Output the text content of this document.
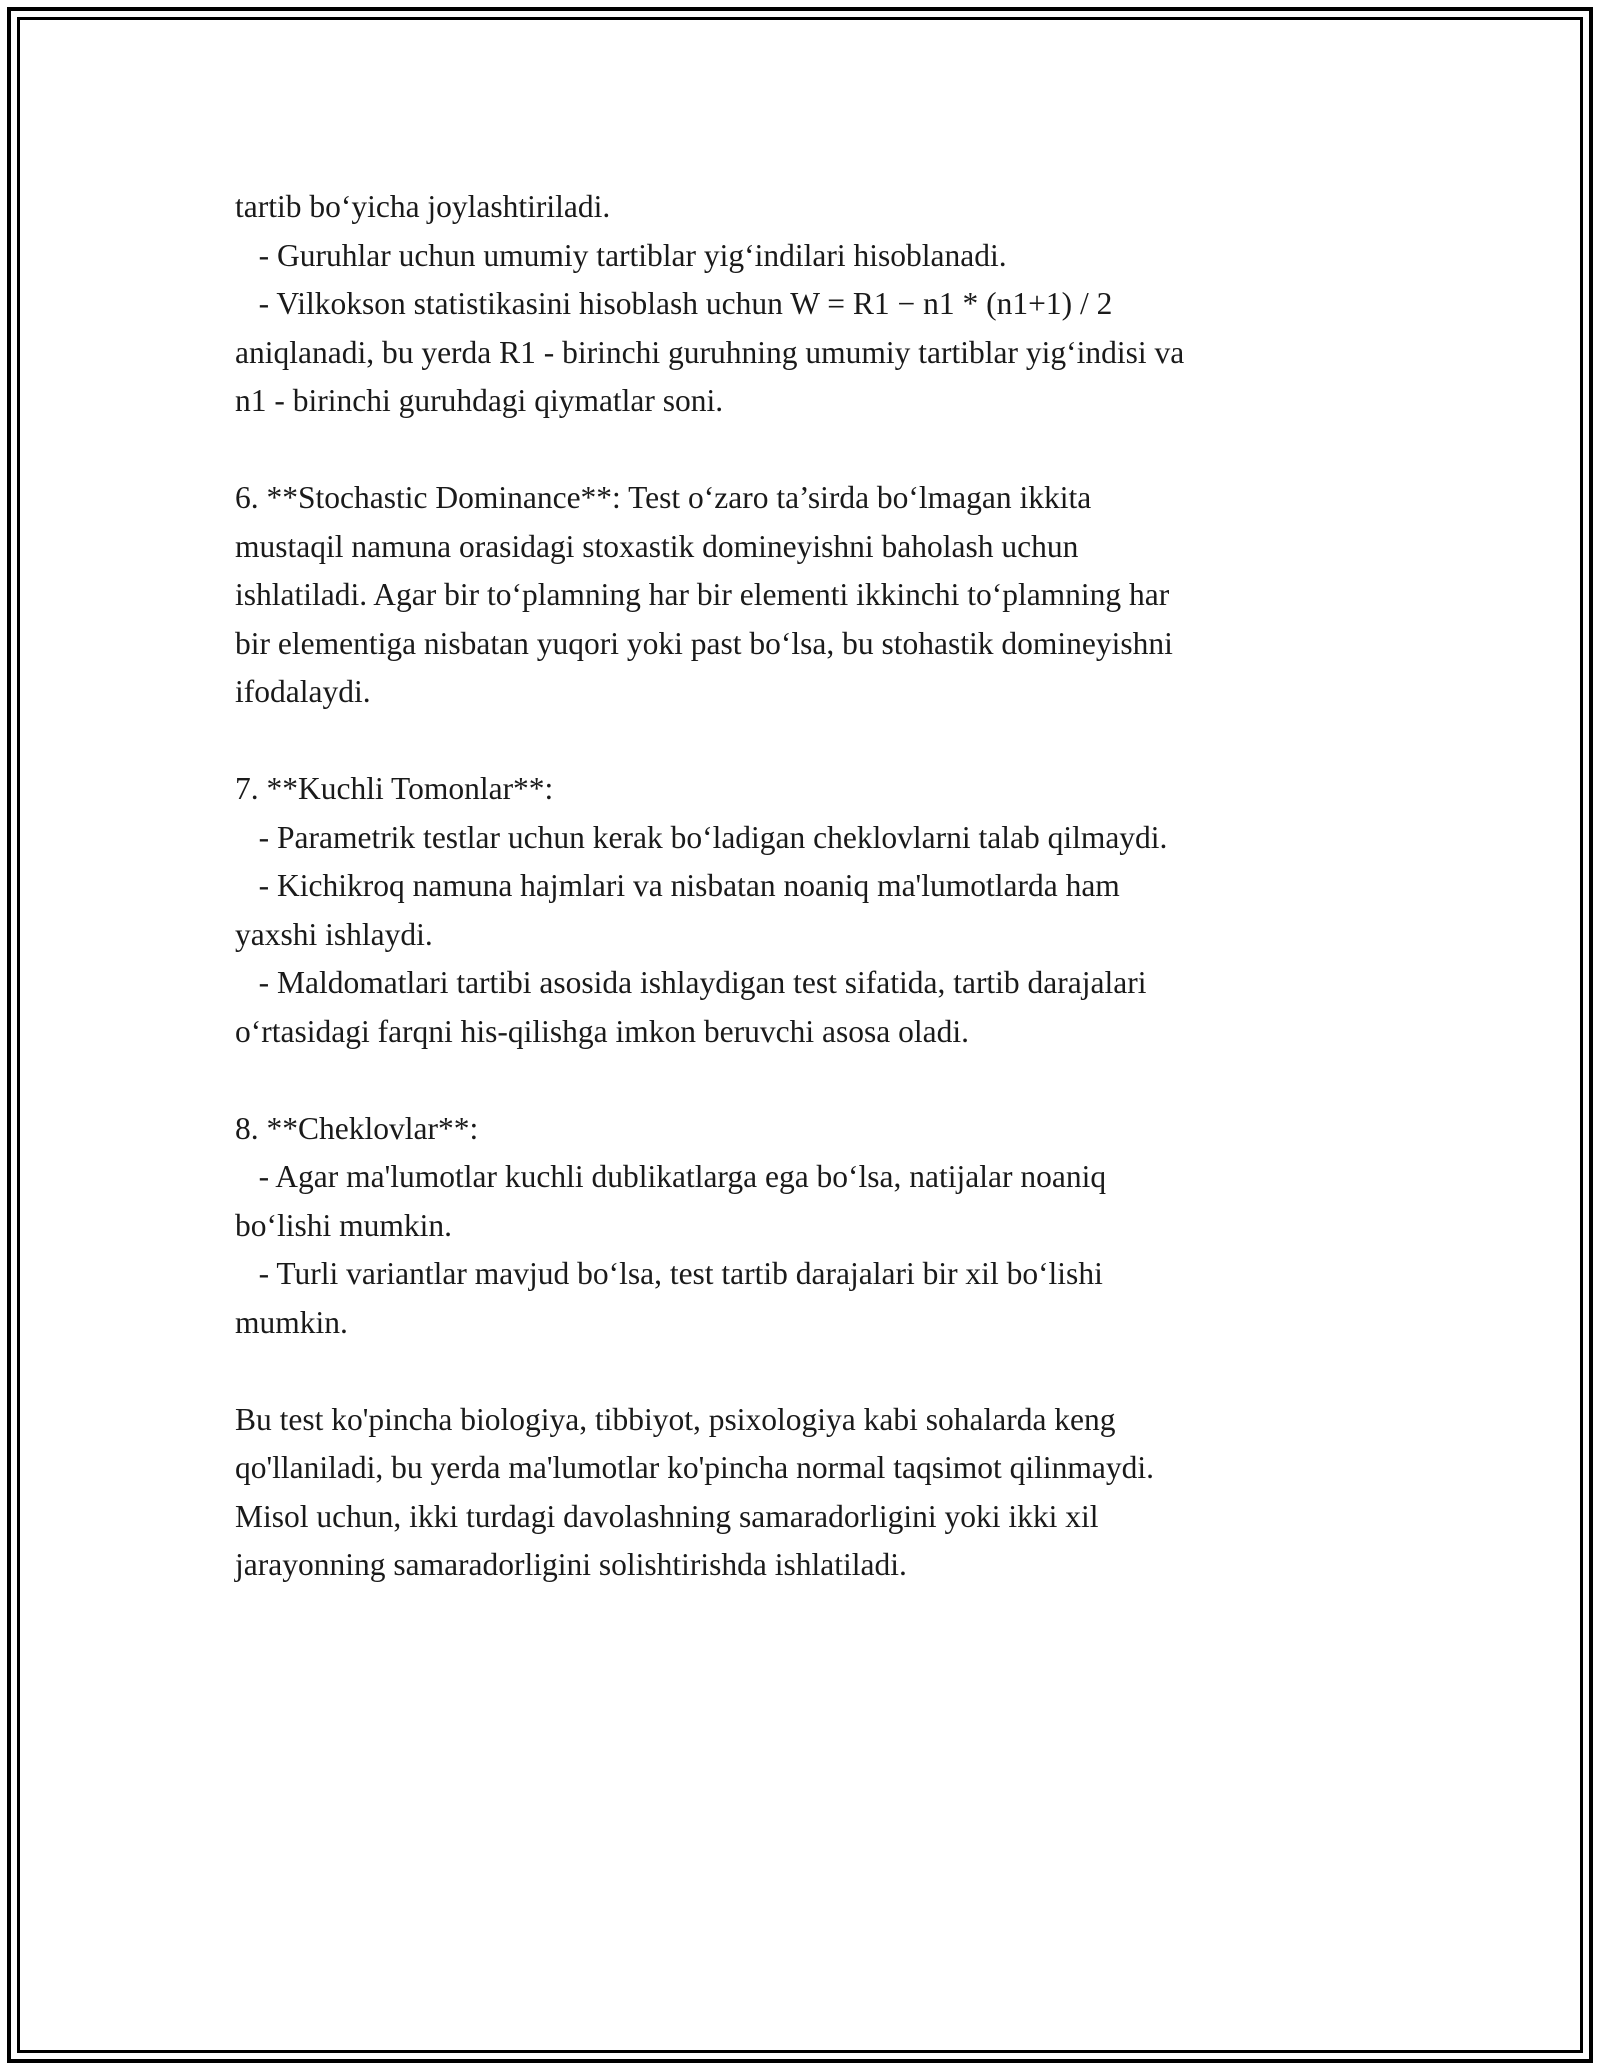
tartib bo‘yicha joylashtiriladi.
- Guruhlar uchun umumiy tartiblar yig‘indilari hisoblanadi.
- Vilkokson statistikasini hisoblash uchun W = R1 − n1 * (n1+1) / 2
aniqlanadi, bu yerda R1 - birinchi guruhning umumiy tartiblar yig‘indisi va
n1 - birinchi guruhdagi qiymatlar soni.
6. **Stochastic Dominance**: Test o‘zaro ta’sirda bo‘lmagan ikkita
mustaqil namuna orasidagi stoxastik domineyishni baholash uchun
ishlatiladi. Agar bir to‘plamning har bir elementi ikkinchi to‘plamning har
bir elementiga nisbatan yuqori yoki past bo‘lsa, bu stohastik domineyishni
ifodalaydi.
7. **Kuchli Tomonlar**:
- Parametrik testlar uchun kerak bo‘ladigan cheklovlarni talab qilmaydi.
- Kichikroq namuna hajmlari va nisbatan noaniq ma'lumotlarda ham
yaxshi ishlaydi.
- Maldomatlari tartibi asosida ishlaydigan test sifatida, tartib darajalari
o‘rtasidagi farqni his-qilishga imkon beruvchi asosa oladi.
8. **Cheklovlar**:
- Agar ma'lumotlar kuchli dublikatlarga ega bo‘lsa, natijalar noaniq
bo‘lishi mumkin.
- Turli variantlar mavjud bo‘lsa, test tartib darajalari bir xil bo‘lishi
mumkin.
Bu test ko'pincha biologiya, tibbiyot, psixologiya kabi sohalarda keng
qo'llaniladi, bu yerda ma'lumotlar ko'pincha normal taqsimot qilinmaydi.
Misol uchun, ikki turdagi davolashning samaradorligini yoki ikki xil
jarayonning samaradorligini solishtirishda ishlatiladi.
